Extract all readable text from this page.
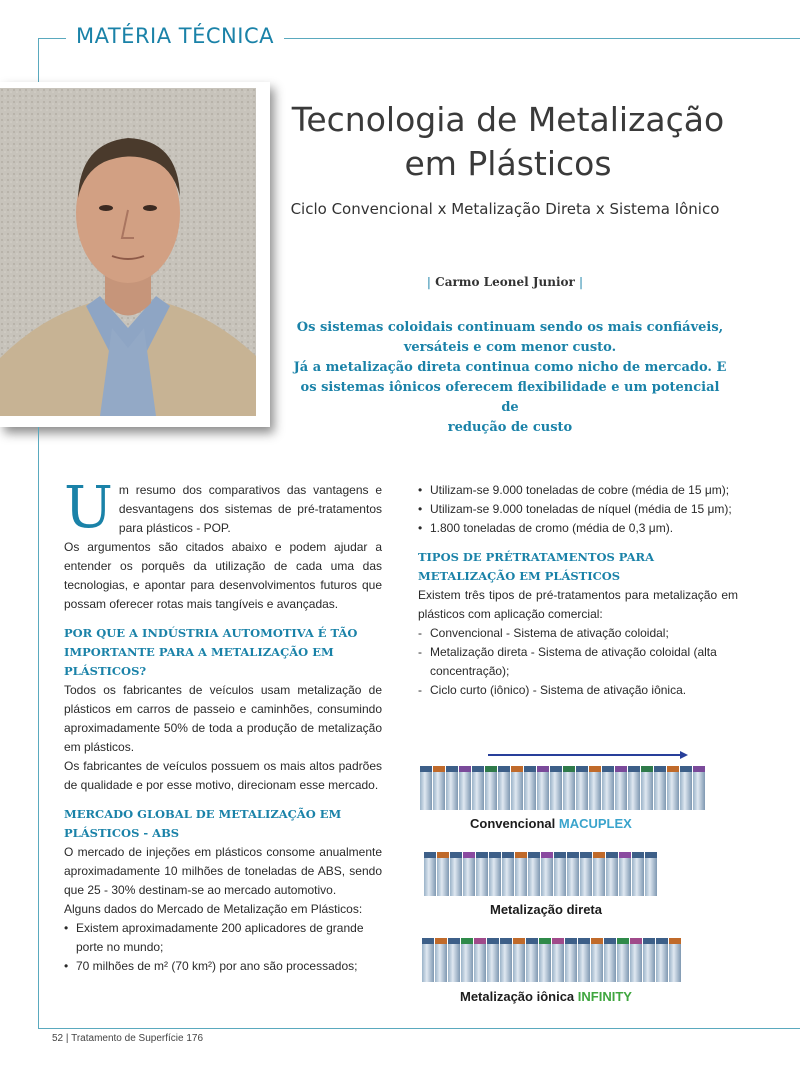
MATÉRIA TÉCNICA
Tecnologia de Metalização
em Plásticos
Ciclo Convencional x Metalização Direta x Sistema Iônico
| Carmo Leonel Junior |
Os sistemas coloidais continuam sendo os mais confiáveis,
versáteis e com menor custo.
Já a metalização direta continua como nicho de mercado. E
os sistemas iônicos oferecem flexibilidade e um potencial de
redução de custo

Um resumo dos comparativos das vantagens e desvantagens dos sistemas de pré-tratamentos para plásticos - POP.

Os argumentos são citados abaixo e podem ajudar a entender os porquês da utilização de cada uma das tecnologias, e apontar para desenvolvimentos futuros que possam oferecer rotas mais tangíveis e avançadas.

POR QUE A INDÚSTRIA AUTOMOTIVA É TÃO IMPORTANTE PARA A METALIZAÇÃO EM PLÁSTICOS?

Todos os fabricantes de veículos usam metalização de plásticos em carros de passeio e caminhões, consumindo aproximadamente 50% de toda a produção de metalização em plásticos.

Os fabricantes de veículos possuem os mais altos padrões de qualidade e por esse motivo, direcionam esse mercado.

MERCADO GLOBAL DE METALIZAÇÃO EM PLÁSTICOS - ABS

O mercado de injeções em plásticos consome anualmente aproximadamente 10 milhões de toneladas de ABS, sendo que 25 - 30% destinam-se ao mercado automotivo.

Alguns dados do Mercado de Metalização em Plásticos:

• Existem aproximadamente 200 aplicadores de grande porte no mundo;
• 70 milhões de m² (70 km²) por ano são processados;
• Utilizam-se 9.000 toneladas de cobre (média de 15 μm);
• Utilizam-se 9.000 toneladas de níquel (média de 15 μm);
• 1.800 toneladas de cromo (média de 0,3 μm).
TIPOS DE PRÉTRATAMENTOS PARA METALIZAÇÃO EM PLÁSTICOS

Existem três tipos de pré-tratamentos para metalização em plásticos com aplicação comercial:

- Convencional - Sistema de ativação coloidal;
- Metalização direta - Sistema de ativação coloidal (alta concentração);
- Ciclo curto (iônico) - Sistema de ativação iônica.
Convencional MACUPLEX
Metalização direta
Metalização iônica INFINITY
52 | Tratamento de Superfície 176
